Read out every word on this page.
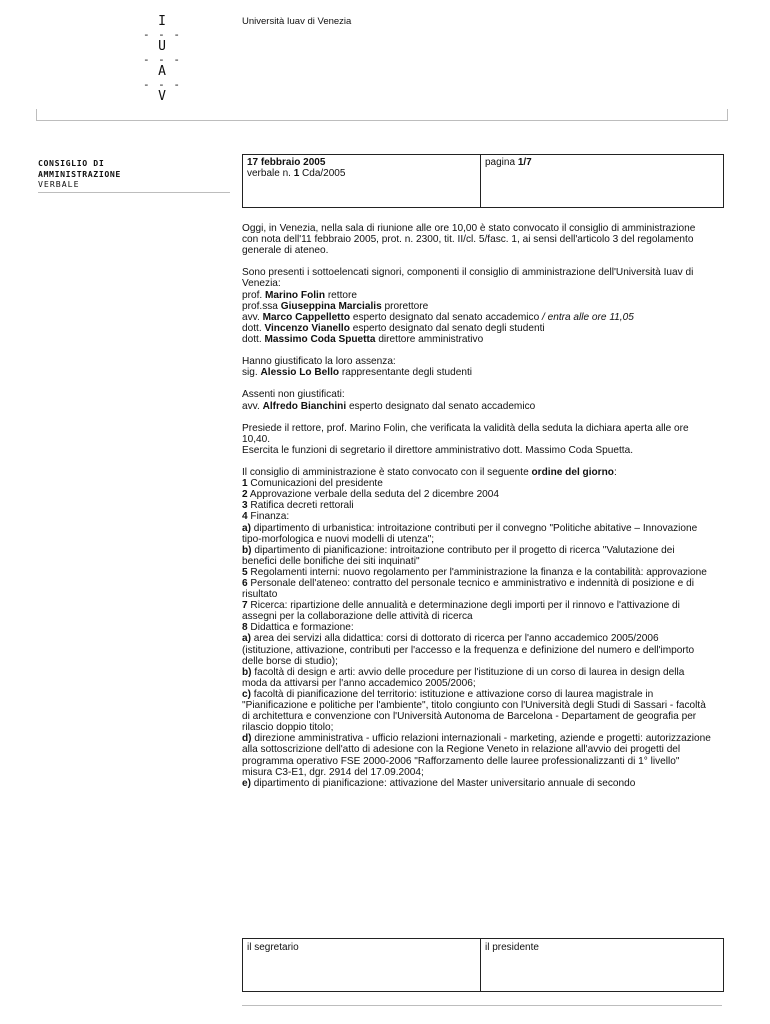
I
- - -
U
- - -
A
- - -
V
Università Iuav di Venezia
CONSIGLIO DI
AMMINISTRAZIONE
VERBALE
17 febbraio 2005
verbale n. 1 Cda/2005
pagina 1/7

Oggi, in Venezia, nella sala di riunione alle ore 10,00 è stato convocato il consiglio di amministrazione con nota dell'11 febbraio 2005, prot. n. 2300, tit. II/cl. 5/fasc. 1, ai sensi dell'articolo 3 del regolamento generale di ateneo.

Sono presenti i sottoelencati signori, componenti il consiglio di amministrazione dell'Università Iuav di Venezia:
prof. Marino Folin rettore
prof.ssa Giuseppina Marcialis prorettore
avv. Marco Cappelletto esperto designato dal senato accademico / entra alle ore 11,05
dott. Vincenzo Vianello esperto designato dal senato degli studenti
dott. Massimo Coda Spuetta direttore amministrativo

Hanno giustificato la loro assenza:
sig. Alessio Lo Bello rappresentante degli studenti

Assenti non giustificati:
avv. Alfredo Bianchini esperto designato dal senato accademico

Presiede il rettore, prof. Marino Folin, che verificata la validità della seduta la dichiara aperta alle ore 10,40.
Esercita le funzioni di segretario il direttore amministrativo dott. Massimo Coda Spuetta.

Il consiglio di amministrazione è stato convocato con il seguente ordine del giorno:
1 Comunicazioni del presidente
2 Approvazione verbale della seduta del 2 dicembre 2004
3 Ratifica decreti rettorali
4 Finanza:
a) dipartimento di urbanistica: introitazione contributi per il convegno "Politiche abitative – Innovazione tipo-morfologica e nuovi modelli di utenza";
b) dipartimento di pianificazione: introitazione contributo per il progetto di ricerca "Valutazione dei benefici delle bonifiche dei siti inquinati"
5 Regolamenti interni: nuovo regolamento per l'amministrazione la finanza e la contabilità: approvazione
6 Personale dell'ateneo: contratto del personale tecnico e amministrativo e indennità di posizione e di risultato
7 Ricerca: ripartizione delle annualità e determinazione degli importi per il rinnovo e l'attivazione di assegni per la collaborazione delle attività di ricerca
8 Didattica e formazione:
a) area dei servizi alla didattica: corsi di dottorato di ricerca per l'anno accademico 2005/2006 (istituzione, attivazione, contributi per l'accesso e la frequenza e definizione del numero e dell'importo delle borse di studio);
b) facoltà di design e arti: avvio delle procedure per l'istituzione di un corso di laurea in design della moda da attivarsi per l'anno accademico 2005/2006;
c) facoltà di pianificazione del territorio: istituzione e attivazione corso di laurea magistrale in "Pianificazione e politiche per l'ambiente", titolo congiunto con l'Università degli Studi di Sassari - facoltà di architettura e convenzione con l'Università Autonoma de Barcelona - Departament de geografia per rilascio doppio titolo;
d) direzione amministrativa - ufficio relazioni internazionali - marketing, aziende e progetti: autorizzazione alla sottoscrizione dell'atto di adesione con la Regione Veneto in relazione all'avvio dei progetti del programma operativo FSE 2000-2006 "Rafforzamento delle lauree professionalizzanti di 1° livello" misura C3-E1, dgr. 2914 del 17.09.2004;
e) dipartimento di pianificazione: attivazione del Master universitario annuale di secondo

il segretario	il presidente
